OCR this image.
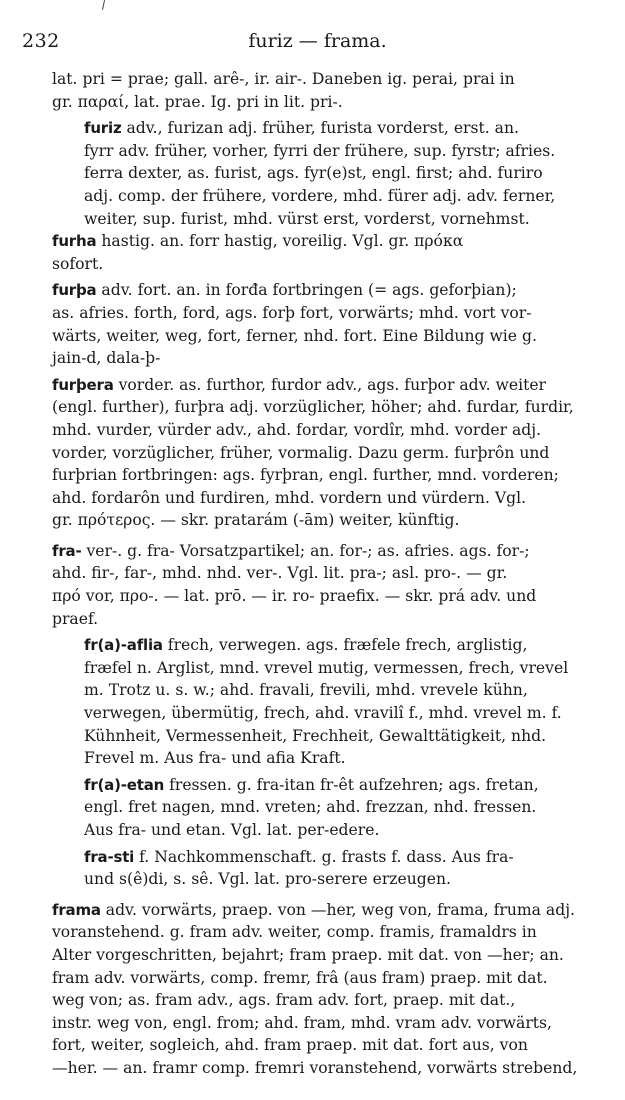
232	furiz — frama.
lat. pri = prae; gall. arê-, ir. air-. Daneben ig. perai, prai in
gr. παραί, lat. prae. Ig. pri in lit. pri-.
furiz adv., furizan adj. früher, furista vorderst, erst. an.
fyrr adv. früher, vorher, fyrri der frühere, sup. fyrstr; afries.
ferra dexter, as. furist, ags. fyr(e)st, engl. first; ahd. furiro
adj. comp. der frühere, vordere, mhd. fürer adj. adv. ferner,
weiter, sup. furist, mhd. vürst erst, vorderst, vornehmst.
furha hastig. an. forr hastig, voreilig. Vgl. gr. πρόκα
sofort.
furþa adv. fort. an. in forđa fortbringen (= ags. geforþian);
as. afries. forth, ford, ags. forþ fort, vorwärts; mhd. vort vor-
wärts, weiter, weg, fort, ferner, nhd. fort. Eine Bildung wie g.
jain-d, dala-þ-
furþera vorder. as. furthor, furdor adv., ags. furþor adv. weiter
(engl. further), furþra adj. vorzüglicher, höher; ahd. furdar, furdir,
mhd. vurder, vürder adv., ahd. fordar, vordîr, mhd. vorder adj.
vorder, vorzüglicher, früher, vormalig. Dazu germ. furþrôn und
furþrian fortbringen: ags. fyrþran, engl. further, mnd. vorderen;
ahd. fordarôn und furdiren, mhd. vordern und vürdern. Vgl.
gr. πρότερος. — skr. pratarám (-ām) weiter, künftig.
fra- ver-. g. fra- Vorsatzpartikel; an. for-; as. afries. ags. for-;
ahd. fir-, far-, mhd. nhd. ver-. Vgl. lit. pra-; asl. pro-. — gr.
πρό vor, προ-. — lat. prō. — ir. ro- praefix. — skr. prá adv. und
praef.
fr(a)-aflia frech, verwegen. ags. fræfele frech, arglistig,
fræfel n. Arglist, mnd. vrevel mutig, vermessen, frech, vrevel
m. Trotz u. s. w.; ahd. fravali, frevili, mhd. vrevele kühn,
verwegen, übermütig, frech, ahd. vravilî f., mhd. vrevel m. f.
Kühnheit, Vermessenheit, Frechheit, Gewalttätigkeit, nhd.
Frevel m. Aus fra- und afia Kraft.
fr(a)-etan fressen. g. fra-itan fr-êt aufzehren; ags. fretan,
engl. fret nagen, mnd. vreten; ahd. frezzan, nhd. fressen.
Aus fra- und etan. Vgl. lat. per-edere.
fra-sti f. Nachkommenschaft. g. frasts f. dass. Aus fra-
und s(ê)di, s. sê. Vgl. lat. pro-serere erzeugen.
frama adv. vorwärts, praep. von —her, weg von, frama, fruma adj.
voranstehend. g. fram adv. weiter, comp. framis, framaldrs in
Alter vorgeschritten, bejahrt; fram praep. mit dat. von —her; an.
fram adv. vorwärts, comp. fremr, frâ (aus fram) praep. mit dat.
weg von; as. fram adv., ags. fram adv. fort, praep. mit dat.,
instr. weg von, engl. from; ahd. fram, mhd. vram adv. vorwärts,
fort, weiter, sogleich, ahd. fram praep. mit dat. fort aus, von
—her. — an. framr comp. fremri voranstehend, vorwärts strebend,
